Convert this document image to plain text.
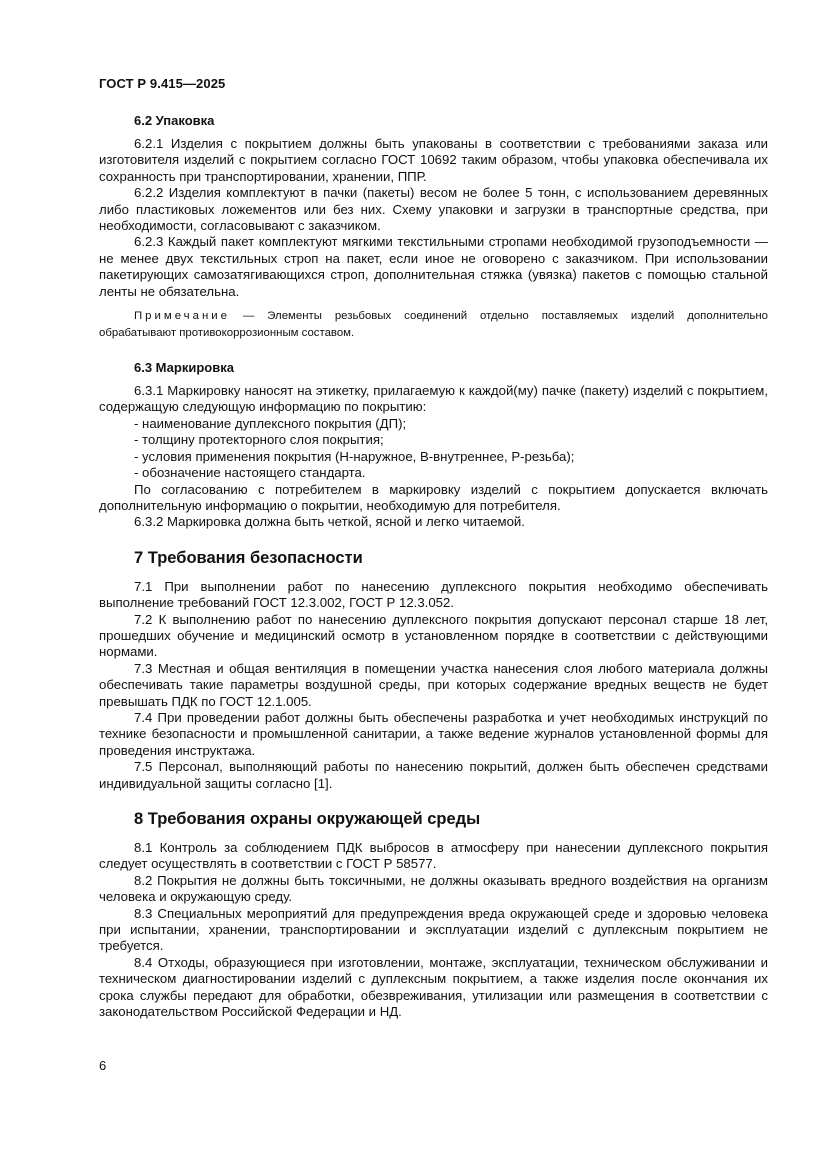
ГОСТ Р 9.415—2025
6.2 Упаковка

6.2.1 Изделия с покрытием должны быть упакованы в соответствии с требованиями заказа или изготовителя изделий с покрытием согласно ГОСТ 10692 таким образом, чтобы упаковка обеспечивала их сохранность при транспортировании, хранении, ППР.

6.2.2 Изделия комплектуют в пачки (пакеты) весом не более 5 тонн, с использованием деревянных либо пластиковых ложементов или без них. Схему упаковки и загрузки в транспортные средства, при необходимости, согласовывают с заказчиком.

6.2.3 Каждый пакет комплектуют мягкими текстильными стропами необходимой грузоподъемности — не менее двух текстильных строп на пакет, если иное не оговорено с заказчиком. При использовании пакетирующих самозатягивающихся строп, дополнительная стяжка (увязка) пакетов с помощью стальной ленты не обязательна.

Примечание — Элементы резьбовых соединений отдельно поставляемых изделий дополнительно обрабатывают противокоррозионным составом.

6.3 Маркировка

6.3.1 Маркировку наносят на этикетку, прилагаемую к каждой(му) пачке (пакету) изделий с покрытием, содержащую следующую информацию по покрытию:

- наименование дуплексного покрытия (ДП);

- толщину протекторного слоя покрытия;

- условия применения покрытия (Н-наружное, В-внутреннее, Р-резьба);

- обозначение настоящего стандарта.

По согласованию с потребителем в маркировку изделий с покрытием допускается включать дополнительную информацию о покрытии, необходимую для потребителя.

6.3.2 Маркировка должна быть четкой, ясной и легко читаемой.

7 Требования безопасности

7.1 При выполнении работ по нанесению дуплексного покрытия необходимо обеспечивать выполнение требований ГОСТ 12.3.002, ГОСТ Р 12.3.052.

7.2 К выполнению работ по нанесению дуплексного покрытия допускают персонал старше 18 лет, прошедших обучение и медицинский осмотр в установленном порядке в соответствии с действующими нормами.

7.3 Местная и общая вентиляция в помещении участка нанесения слоя любого материала должны обеспечивать такие параметры воздушной среды, при которых содержание вредных веществ не будет превышать ПДК по ГОСТ 12.1.005.

7.4 При проведении работ должны быть обеспечены разработка и учет необходимых инструкций по технике безопасности и промышленной санитарии, а также ведение журналов установленной формы для проведения инструктажа.

7.5 Персонал, выполняющий работы по нанесению покрытий, должен быть обеспечен средствами индивидуальной защиты согласно [1].

8 Требования охраны окружающей среды

8.1 Контроль за соблюдением ПДК выбросов в атмосферу при нанесении дуплексного покрытия следует осуществлять в соответствии с ГОСТ Р 58577.

8.2 Покрытия не должны быть токсичными, не должны оказывать вредного воздействия на организм человека и окружающую среду.

8.3 Специальных мероприятий для предупреждения вреда окружающей среде и здоровью человека при испытании, хранении, транспортировании и эксплуатации изделий с дуплексным покрытием не требуется.

8.4 Отходы, образующиеся при изготовлении, монтаже, эксплуатации, техническом обслуживании и техническом диагностировании изделий с дуплексным покрытием, а также изделия после окончания их срока службы передают для обработки, обезвреживания, утилизации или размещения в соответствии с законодательством Российской Федерации и НД.

6
